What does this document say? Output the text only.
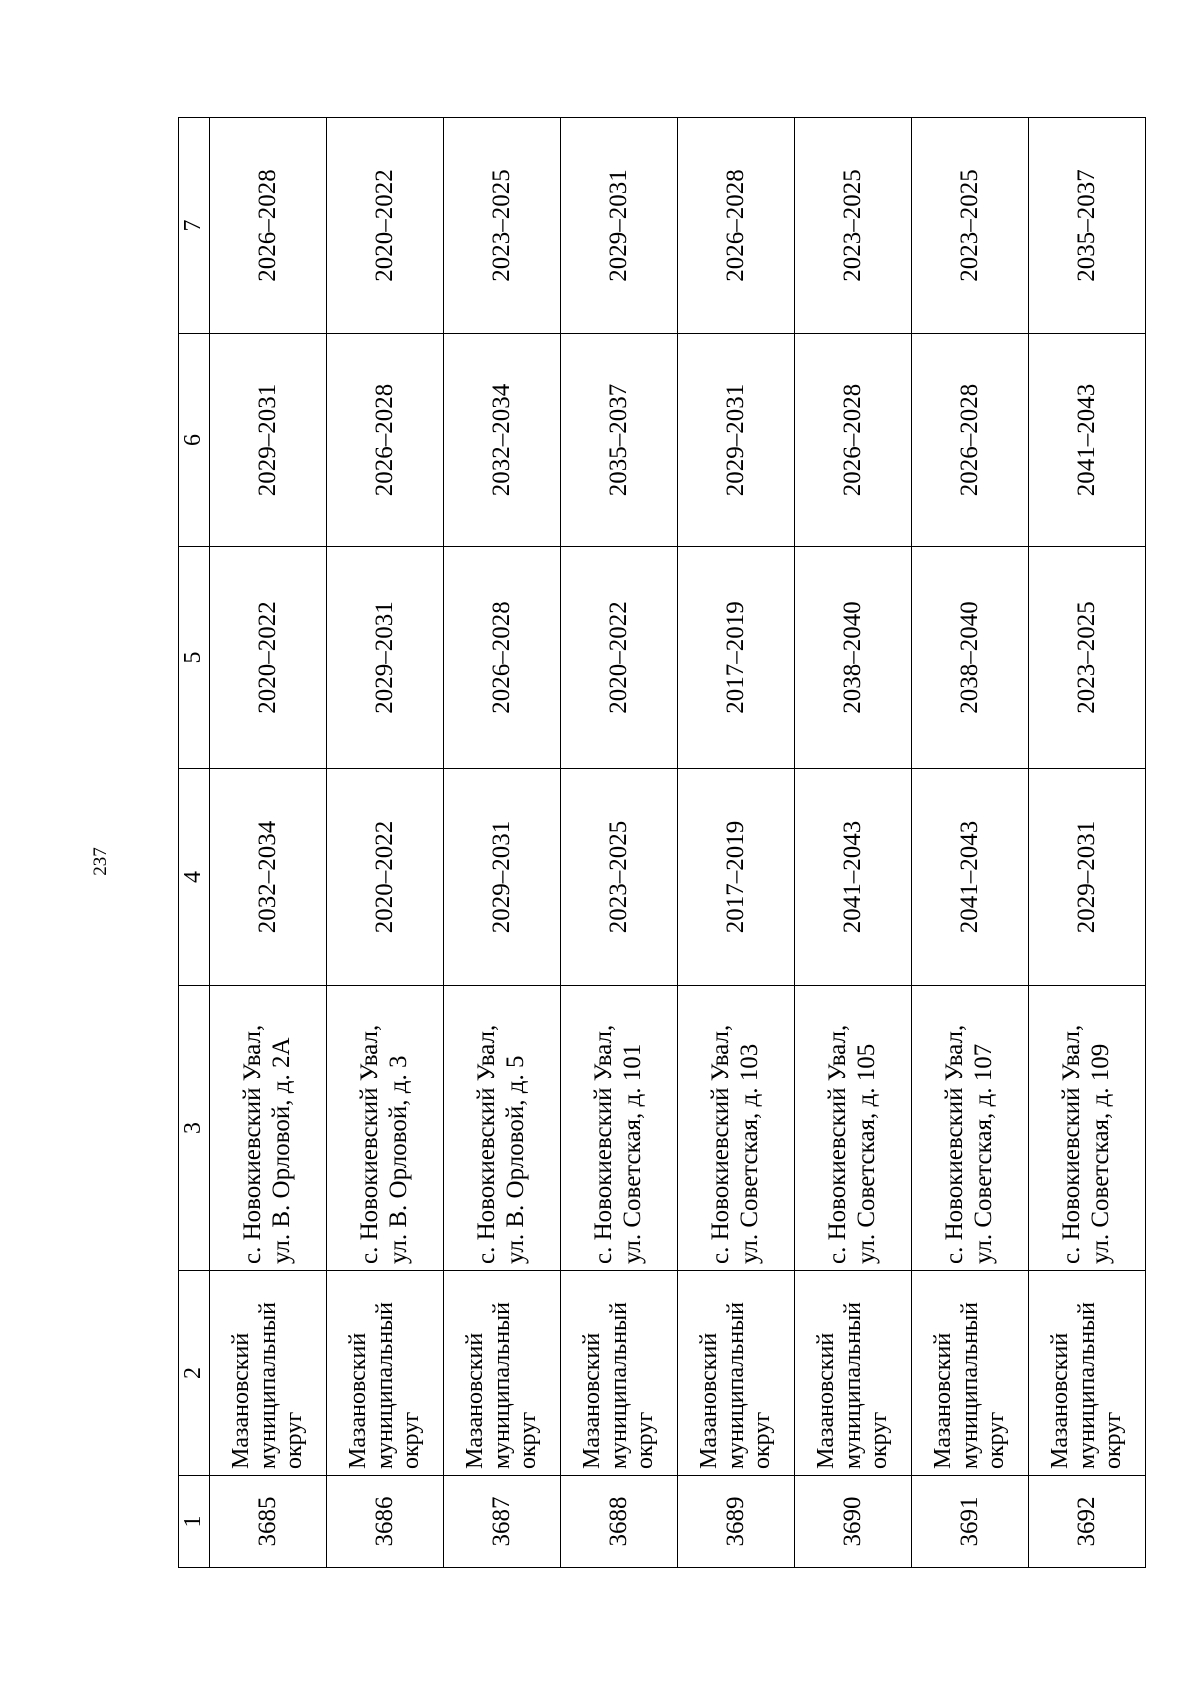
237
1	2	3	4	5	6	7
3685	Мазановский муниципальный округ	с. Новокиевский Увал, ул. В. Орловой, д. 2А	2032–2034	2020–2022	2029–2031	2026–2028
3686	Мазановский муниципальный округ	с. Новокиевский Увал, ул. В. Орловой, д. 3	2020–2022	2029–2031	2026–2028	2020–2022
3687	Мазановский муниципальный округ	с. Новокиевский Увал, ул. В. Орловой, д. 5	2029–2031	2026–2028	2032–2034	2023–2025
3688	Мазановский муниципальный округ	с. Новокиевский Увал, ул. Советская, д. 101	2023–2025	2020–2022	2035–2037	2029–2031
3689	Мазановский муниципальный округ	с. Новокиевский Увал, ул. Советская, д. 103	2017–2019	2017–2019	2029–2031	2026–2028
3690	Мазановский муниципальный округ	с. Новокиевский Увал, ул. Советская, д. 105	2041–2043	2038–2040	2026–2028	2023–2025
3691	Мазановский муниципальный округ	с. Новокиевский Увал, ул. Советская, д. 107	2041–2043	2038–2040	2026–2028	2023–2025
3692	Мазановский муниципальный округ	с. Новокиевский Увал, ул. Советская, д. 109	2029–2031	2023–2025	2041–2043	2035–2037
